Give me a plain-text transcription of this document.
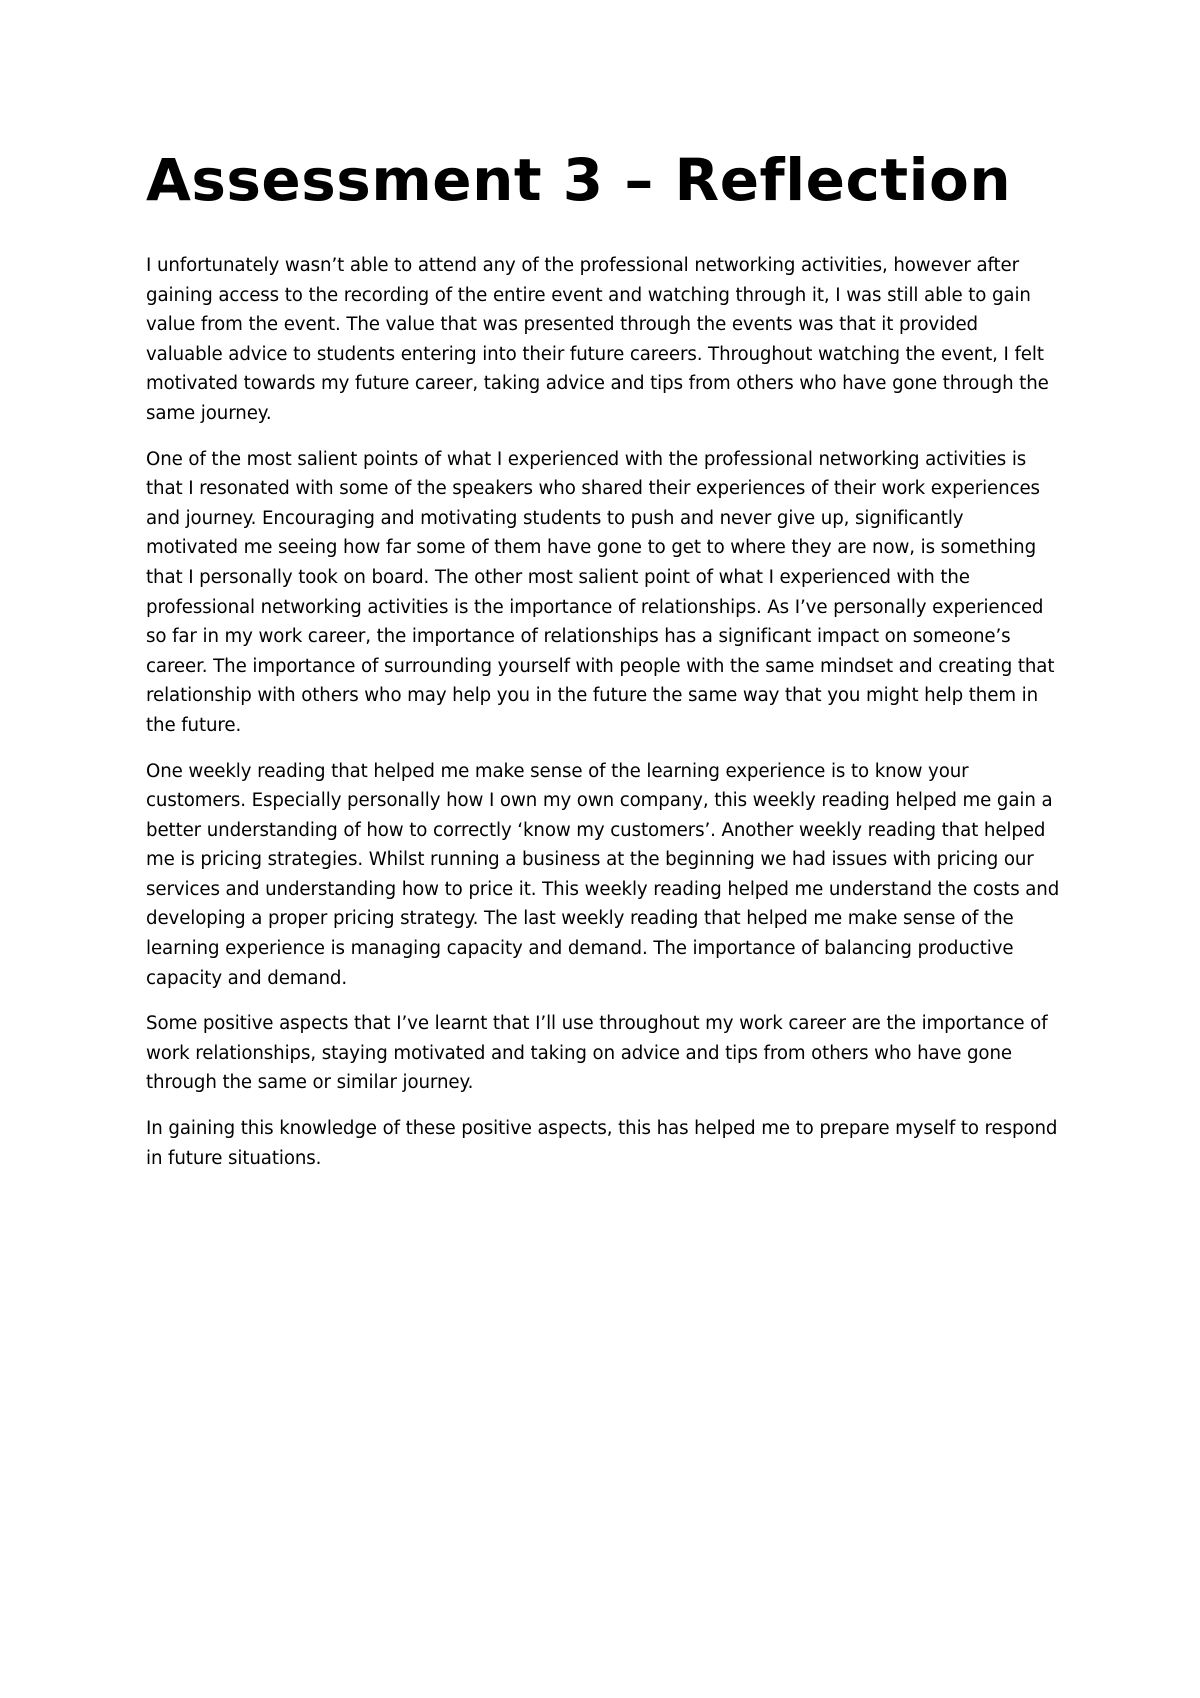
Assessment 3 – Reflection

I unfortunately wasn’t able to attend any of the professional networking activities, however after gaining access to the recording of the entire event and watching through it, I was still able to gain value from the event. The value that was presented through the events was that it provided valuable advice to students entering into their future careers. Throughout watching the event, I felt motivated towards my future career, taking advice and tips from others who have gone through the same journey.

One of the most salient points of what I experienced with the professional networking activities is that I resonated with some of the speakers who shared their experiences of their work experiences and journey. Encouraging and motivating students to push and never give up, significantly motivated me seeing how far some of them have gone to get to where they are now, is something that I personally took on board. The other most salient point of what I experienced with the professional networking activities is the importance of relationships. As I’ve personally experienced so far in my work career, the importance of relationships has a significant impact on someone’s career. The importance of surrounding yourself with people with the same mindset and creating that relationship with others who may help you in the future the same way that you might help them in the future.

One weekly reading that helped me make sense of the learning experience is to know your customers. Especially personally how I own my own company, this weekly reading helped me gain a better understanding of how to correctly ‘know my customers’. Another weekly reading that helped me is pricing strategies. Whilst running a business at the beginning we had issues with pricing our services and understanding how to price it. This weekly reading helped me understand the costs and developing a proper pricing strategy. The last weekly reading that helped me make sense of the learning experience is managing capacity and demand. The importance of balancing productive capacity and demand.

Some positive aspects that I’ve learnt that I’ll use throughout my work career are the importance of work relationships, staying motivated and taking on advice and tips from others who have gone through the same or similar journey.

In gaining this knowledge of these positive aspects, this has helped me to prepare myself to respond in future situations.
